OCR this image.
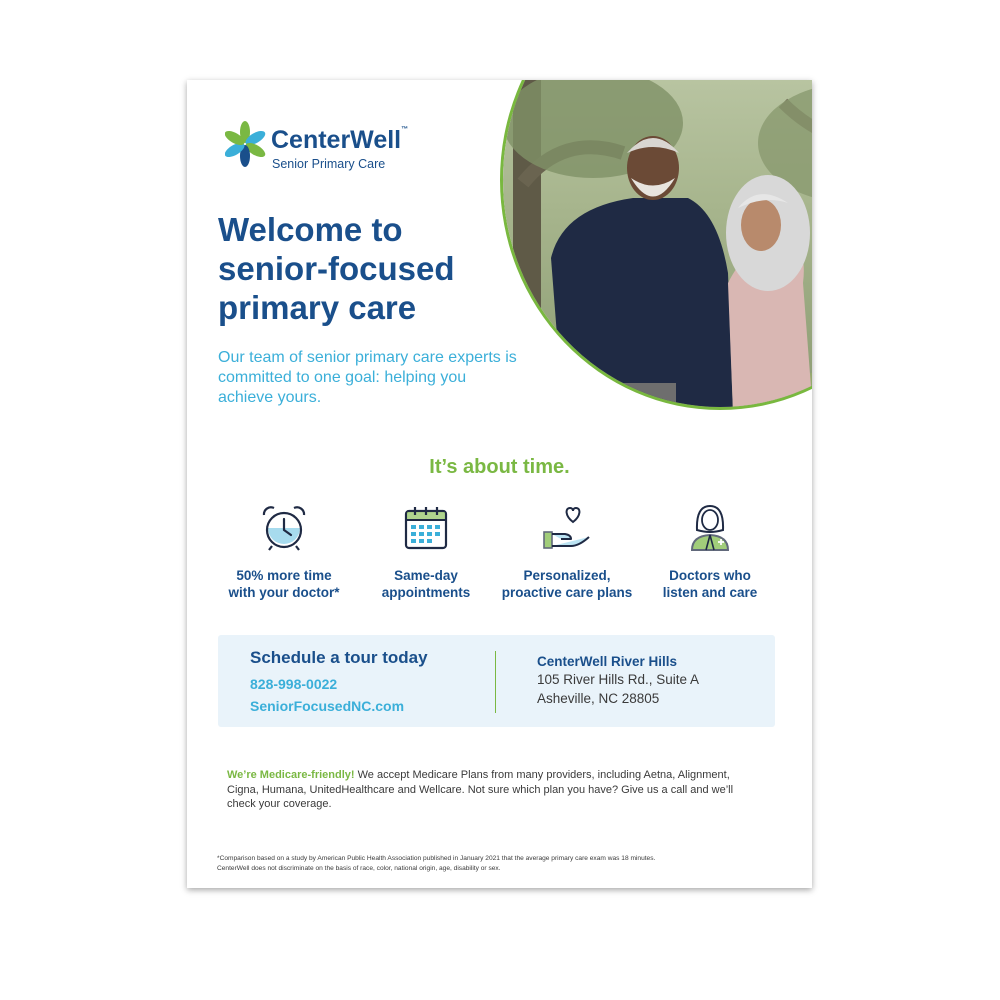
CenterWell™
Senior Primary Care
Welcome to senior-focused primary care

Our team of senior primary care experts is committed to one goal: helping you achieve yours.

It’s about time.
50% more time
with your doctor*
Same-day
appointments
Personalized,
proactive care plans
Doctors who
listen and care
Schedule a tour today
828-998-0022
SeniorFocusedNC.com
CenterWell River Hills
105 River Hills Rd., Suite A
Asheville, NC 28805

We’re Medicare-friendly! We accept Medicare Plans from many providers, including Aetna, Alignment, Cigna, Humana, UnitedHealthcare and Wellcare. Not sure which plan you have? Give us a call and we’ll check your coverage.

*Comparison based on a study by American Public Health Association published in January 2021 that the average primary care exam was 18 minutes.
CenterWell does not discriminate on the basis of race, color, national origin, age, disability or sex.
